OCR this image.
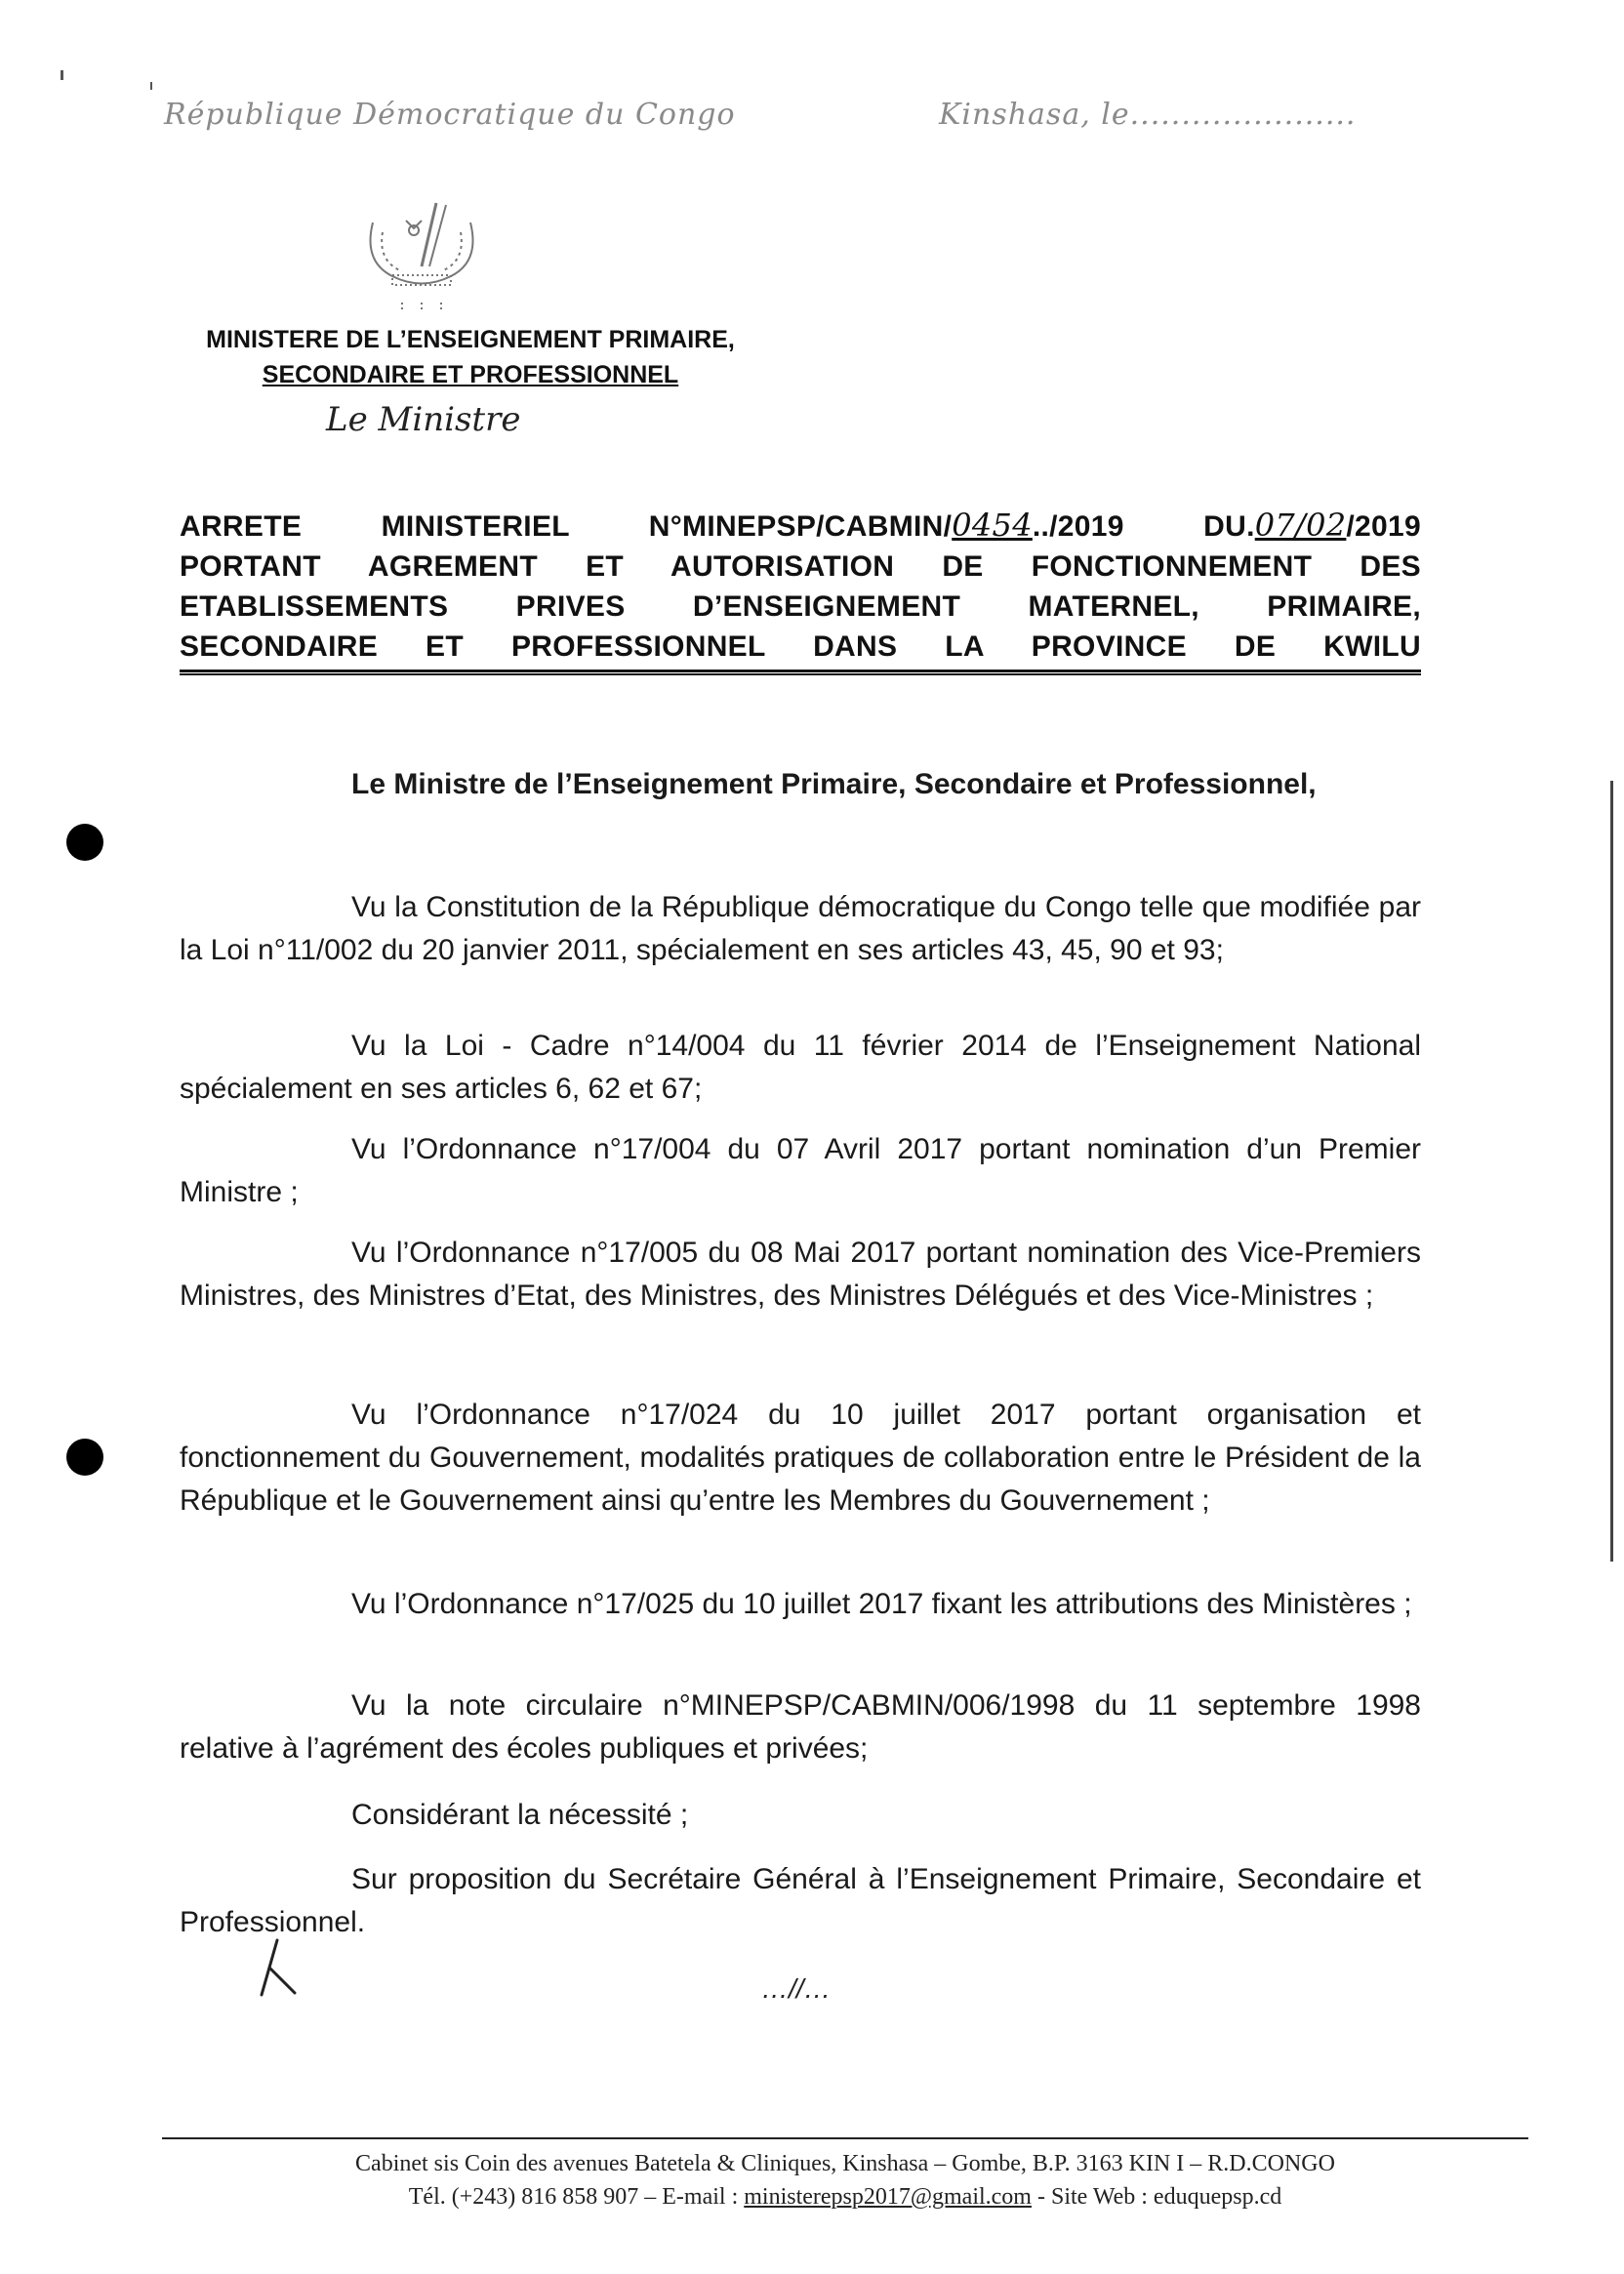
République Démocratique du Congo	Kinshasa, le......................
MINISTERE DE L’ENSEIGNEMENT PRIMAIRE,
SECONDAIRE ET PROFESSIONNEL
Le Ministre
ARRETE MINISTERIEL N°MINEPSP/CABMIN/0454../2019 DU.07/02/2019
PORTANT AGREMENT ET AUTORISATION DE FONCTIONNEMENT DES
ETABLISSEMENTS PRIVES D’ENSEIGNEMENT MATERNEL, PRIMAIRE,
SECONDAIRE ET PROFESSIONNEL DANS LA PROVINCE DE KWILU
Le Ministre de l’Enseignement Primaire, Secondaire et Professionnel,
Vu la Constitution de la République démocratique du Congo telle que modifiée par la Loi n°11/002 du 20 janvier 2011, spécialement en ses articles 43, 45, 90 et 93;
Vu la Loi - Cadre n°14/004 du 11 février 2014 de l’Enseignement National spécialement en ses articles 6, 62 et 67;
Vu l’Ordonnance n°17/004 du 07 Avril 2017 portant nomination d’un Premier Ministre ;
Vu l’Ordonnance n°17/005 du 08 Mai 2017 portant nomination des Vice-Premiers Ministres, des Ministres d’Etat, des Ministres, des Ministres Délégués et des Vice-Ministres ;
Vu l’Ordonnance n°17/024 du 10 juillet 2017 portant organisation et fonctionnement du Gouvernement, modalités pratiques de collaboration entre le Président de la République et le Gouvernement ainsi qu’entre les Membres du Gouvernement ;
Vu l’Ordonnance n°17/025 du 10 juillet 2017 fixant les attributions des Ministères ;
Vu la note circulaire n°MINEPSP/CABMIN/006/1998 du 11 septembre 1998 relative à l’agrément des écoles publiques et privées;
Considérant la nécessité ;
Sur proposition du Secrétaire Général à l’Enseignement Primaire, Secondaire et Professionnel.
…//…
Cabinet sis Coin des avenues Batetela & Cliniques, Kinshasa – Gombe, B.P. 3163 KIN I – R.D.CONGO
Tél. (+243) 816 858 907 – E-mail : ministerepsp2017@gmail.com - Site Web : eduquepsp.cd
